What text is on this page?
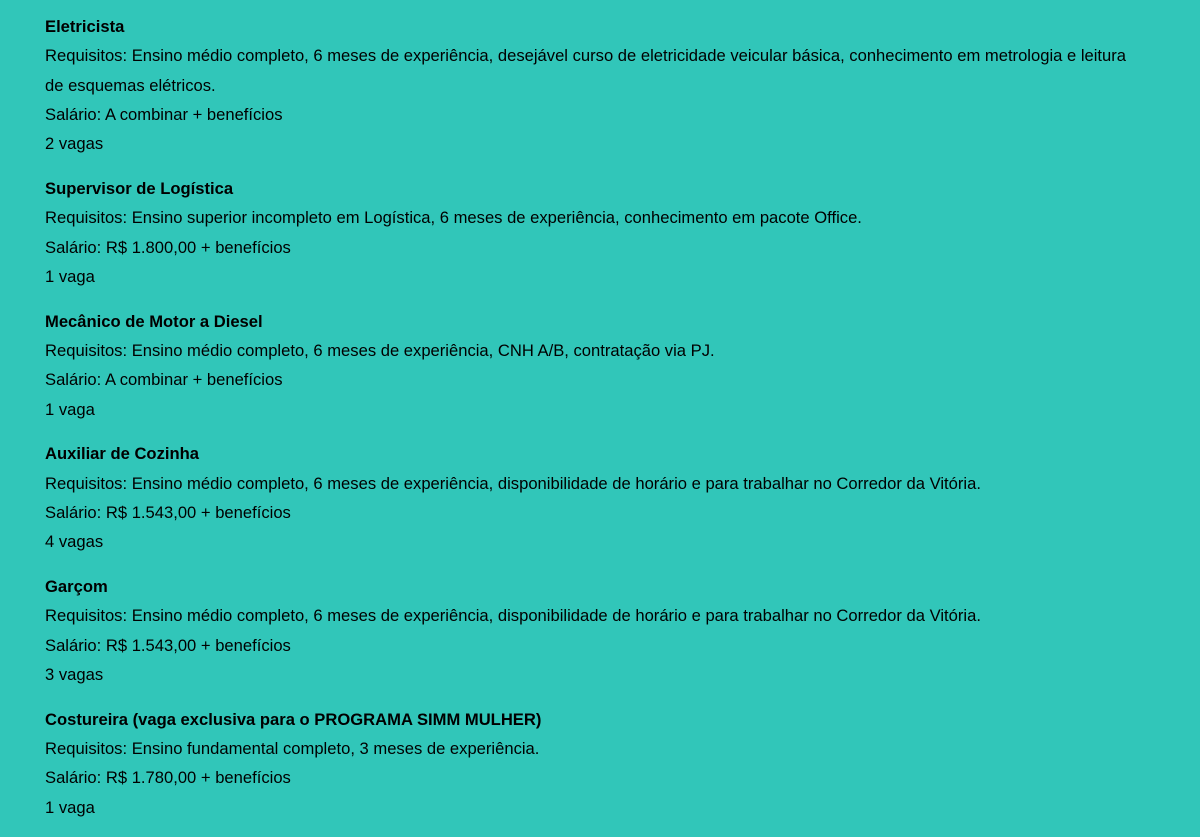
Eletricista

Requisitos: Ensino médio completo, 6 meses de experiência, desejável curso de eletricidade veicular básica, conhecimento em metrologia e leitura de esquemas elétricos.

Salário: A combinar + benefícios

2 vagas

Supervisor de Logística

Requisitos: Ensino superior incompleto em Logística, 6 meses de experiência, conhecimento em pacote Office.

Salário: R$ 1.800,00 + benefícios

1 vaga

Mecânico de Motor a Diesel

Requisitos: Ensino médio completo, 6 meses de experiência, CNH A/B, contratação via PJ.

Salário: A combinar + benefícios

1 vaga

Auxiliar de Cozinha

Requisitos: Ensino médio completo, 6 meses de experiência, disponibilidade de horário e para trabalhar no Corredor da Vitória.

Salário: R$ 1.543,00 + benefícios

4 vagas

Garçom

Requisitos: Ensino médio completo, 6 meses de experiência, disponibilidade de horário e para trabalhar no Corredor da Vitória.

Salário: R$ 1.543,00 + benefícios

3 vagas

Costureira (vaga exclusiva para o PROGRAMA SIMM MULHER)

Requisitos: Ensino fundamental completo, 3 meses de experiência.

Salário: R$ 1.780,00 + benefícios

1 vaga
